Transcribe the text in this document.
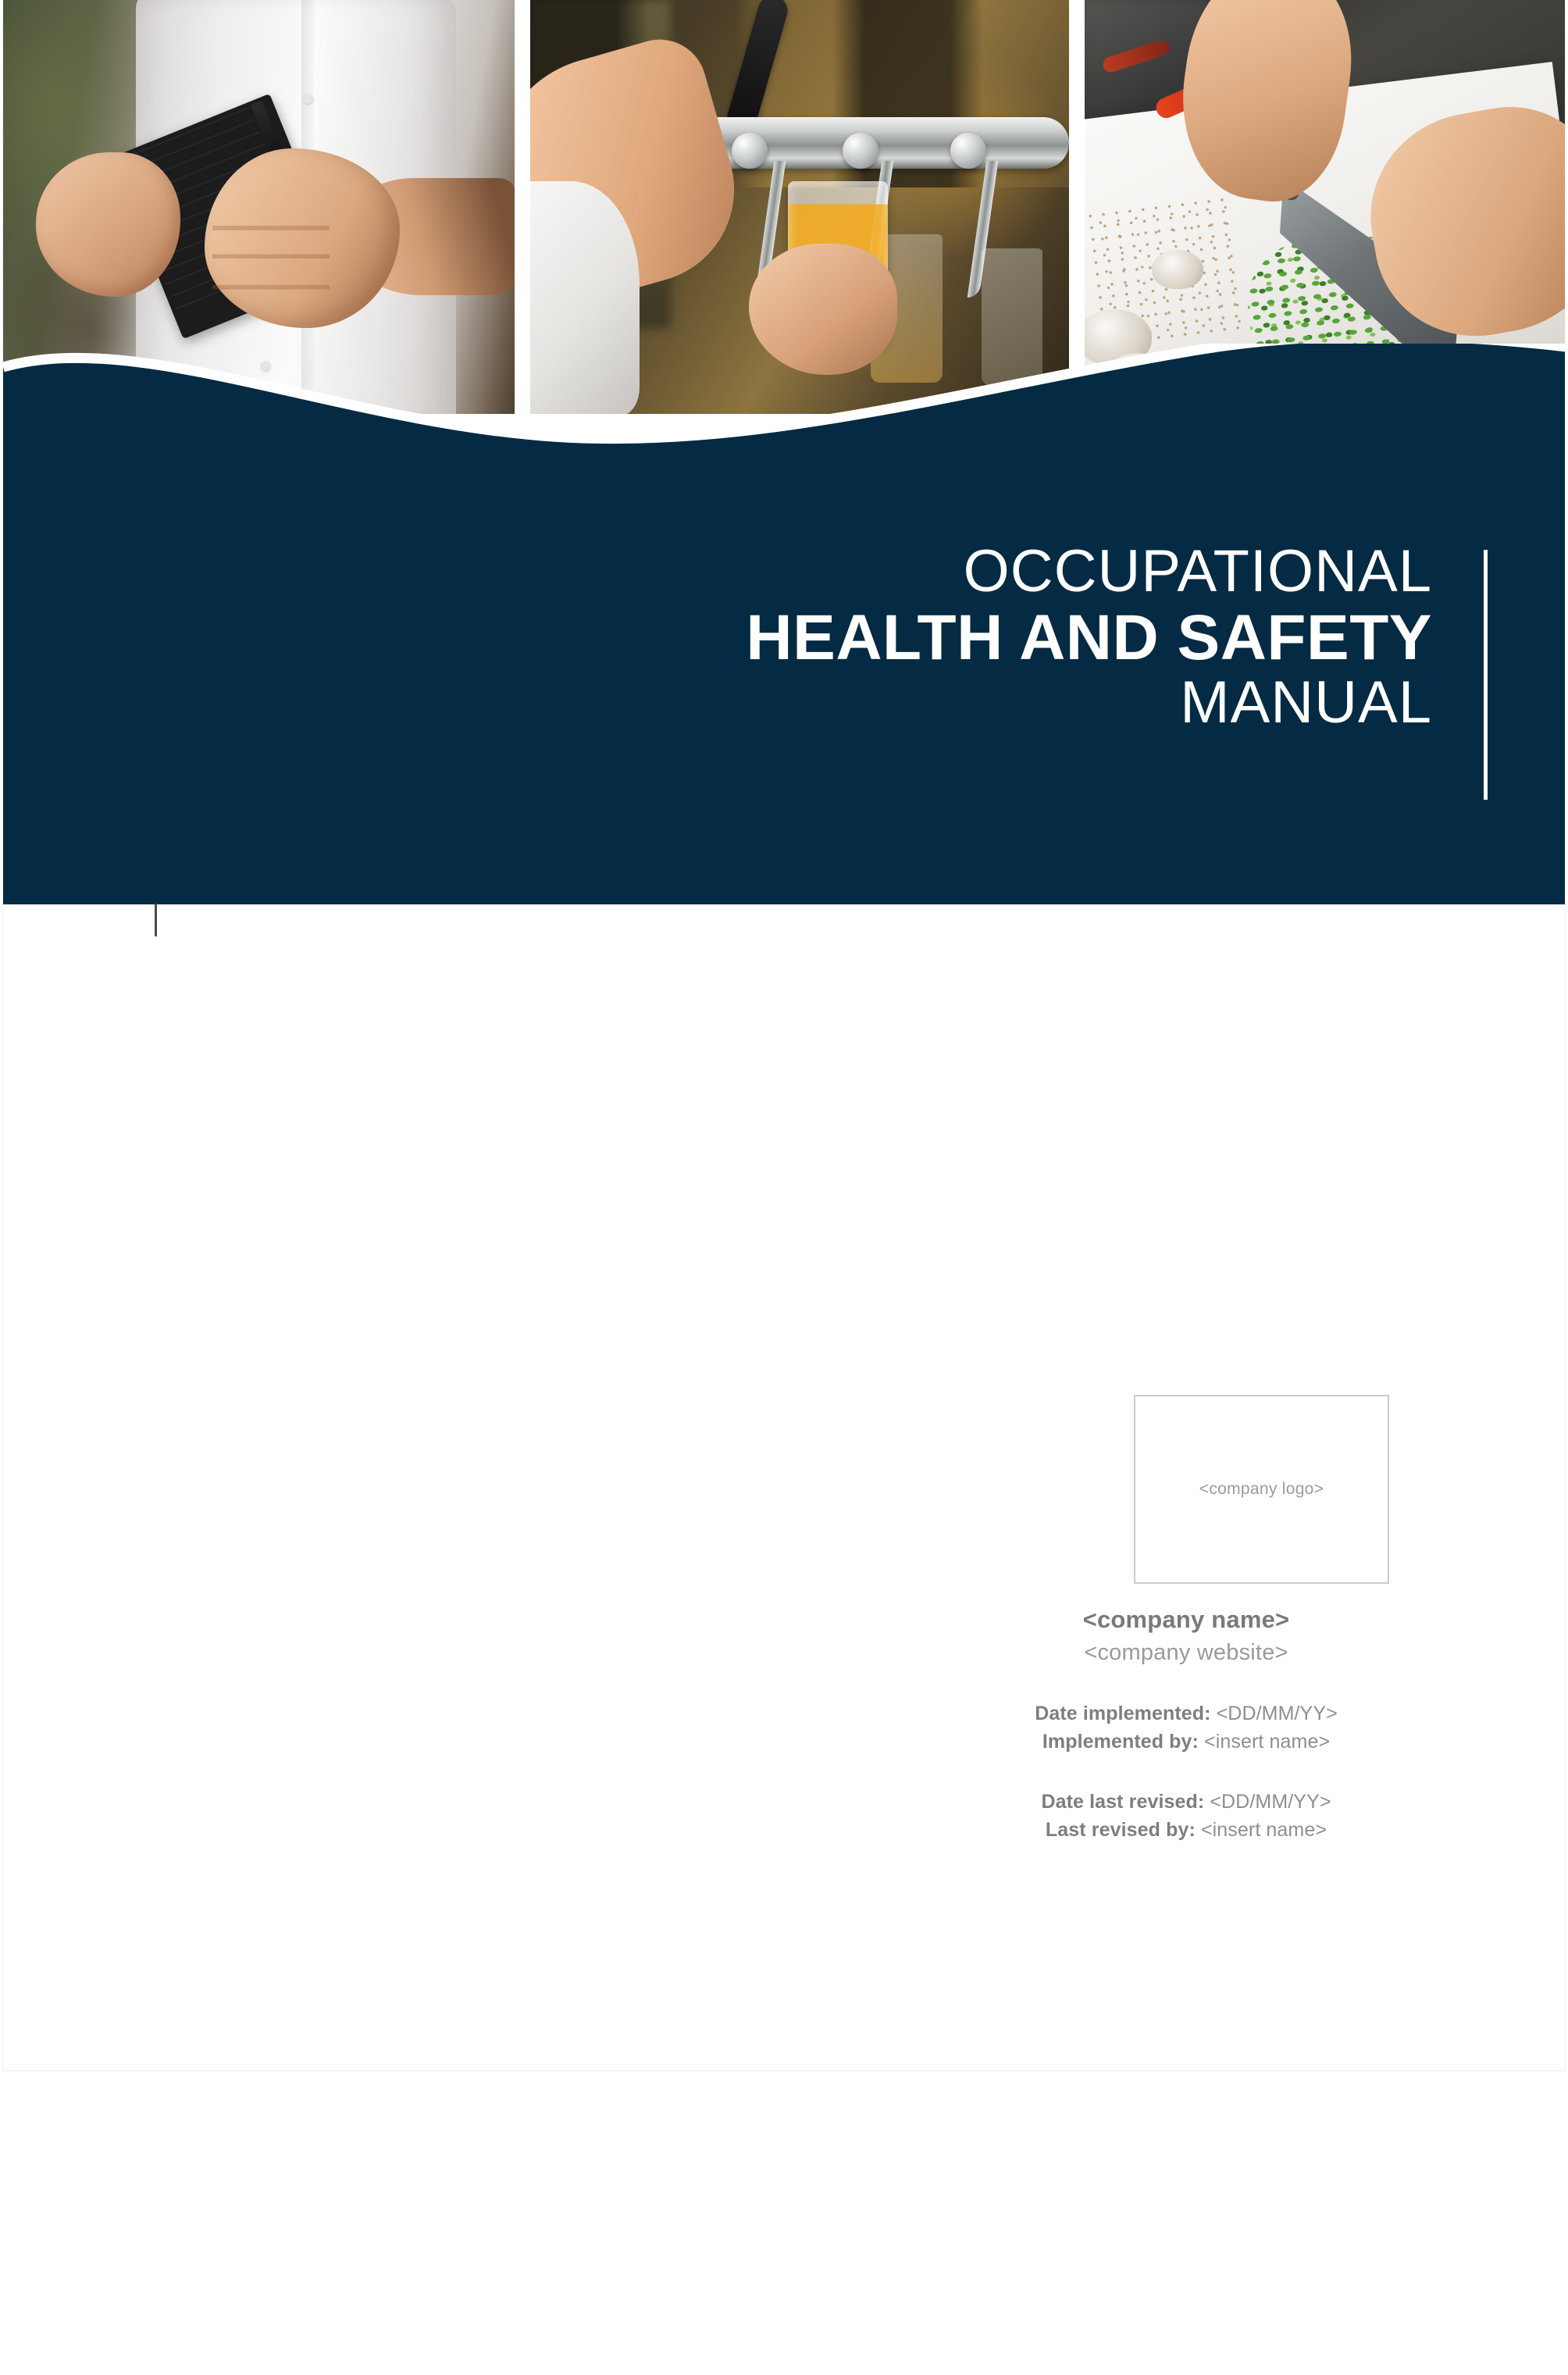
OCCUPATIONAL
HEALTH AND SAFETY
MANUAL
<company logo>
<company name>
<company website>
Date implemented: <DD/MM/YY>
Implemented by: <insert name>
Date last revised: <DD/MM/YY>
Last revised by: <insert name>
